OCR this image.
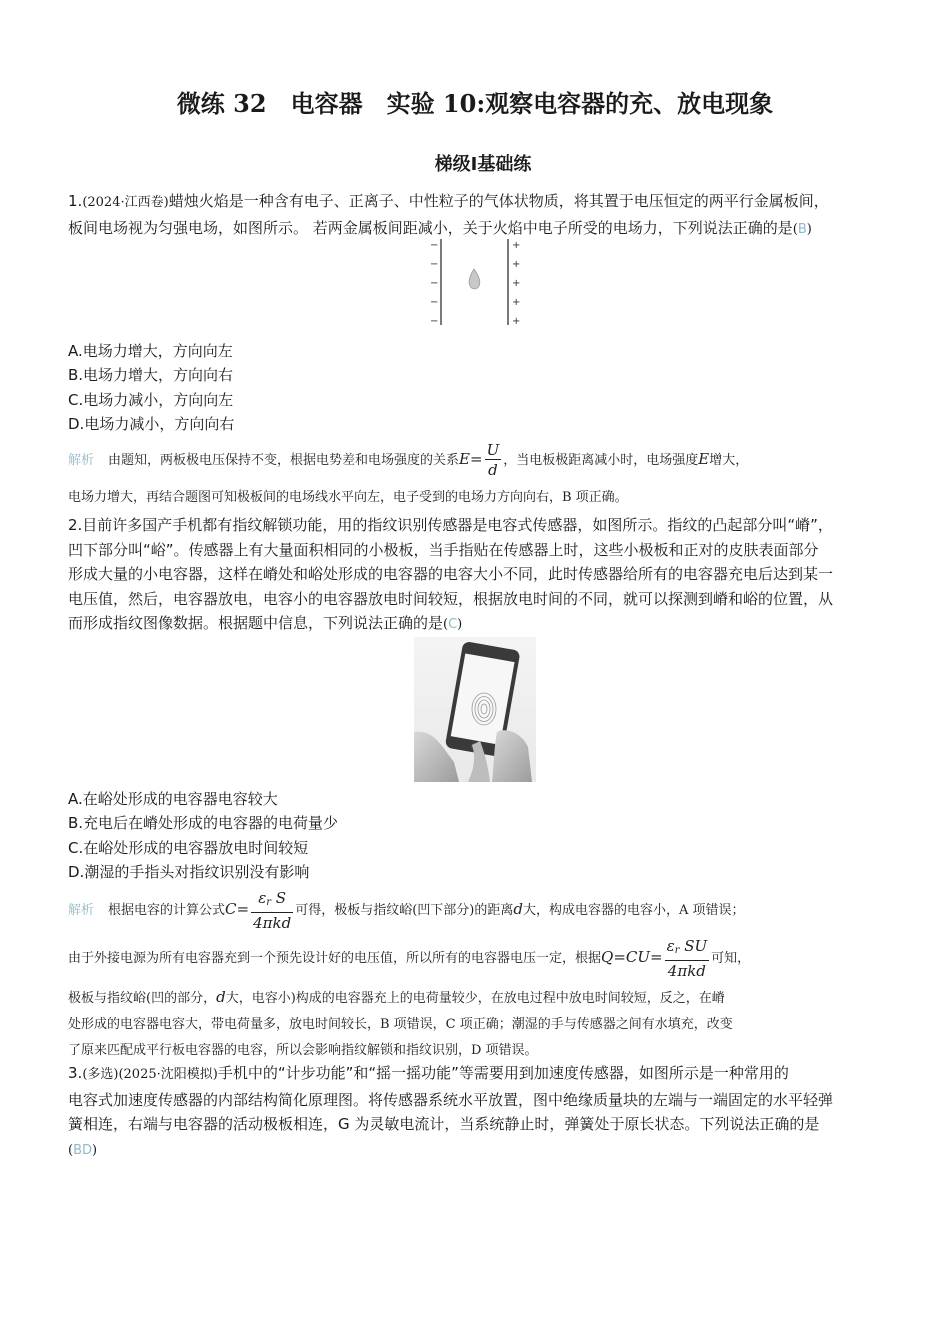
微练 32　电容器　实验 10:观察电容器的充、放电现象
梯级Ⅰ基础练
1.(2024·江西卷)蜡烛火焰是一种含有电子、正离子、中性粒子的气体状物质，将其置于电压恒定的两平行金属板间，
板间电场视为匀强电场，如图所示。 若两金属板间距减小，关于火焰中电子所受的电场力，下列说法正确的是(B)
−
−
−
−
−
+
+
+
+
+
A.电场力增大，方向向左
B.电场力增大，方向向右
C.电场力减小，方向向左
D.电场力减小，方向向右
解析 由题知，两板极电压保持不变，根据电势差和电场强度的关系$E= \frac{U}{d}$ ，当电板极距离减小时，电场强度E增大，
电场力增大，再结合题图可知极板间的电场线水平向左，电子受到的电场力方向向右，B 项正确。
2.目前许多国产手机都有指纹解锁功能，用的指纹识别传感器是电容式传感器，如图所示。指纹的凸起部分叫“嵴”，
凹下部分叫“峪”。传感器上有大量面积相同的小极板，当手指贴在传感器上时，这些小极板和正对的皮肤表面部分
形成大量的小电容器，这样在嵴处和峪处形成的电容器的电容大小不同，此时传感器给所有的电容器充电后达到某一
电压值，然后，电容器放电，电容小的电容器放电时间较短，根据放电时间的不同，就可以探测到嵴和峪的位置，从
而形成指纹图像数据。根据题中信息，下列说法正确的是(C)
A.在峪处形成的电容器电容较大
B.充电后在嵴处形成的电容器的电荷量少
C.在峪处形成的电容器放电时间较短
D.潮湿的手指头对指纹识别没有影响
解析 根据电容的计算公式$C= \frac{\varepsilon_r S}{\text{4πkd}}$ 可得，极板与指纹峪(凹下部分)的距离d大，构成电容器的电容小，A 项错误；
由于外接电源为所有电容器充到一个预先设计好的电压值，所以所有的电容器电压一定，根据$Q=CU= \frac{\varepsilon_r SU}{\text{4πkd}}$ 可知，
极板与指纹峪(凹的部分，d大，电容小)构成的电容器充上的电荷量较少，在放电过程中放电时间较短，反之，在嵴
处形成的电容器电容大，带电荷量多，放电时间较长，B 项错误，C 项正确；潮湿的手与传感器之间有水填充，改变
了原来匹配成平行板电容器的电容，所以会影响指纹解锁和指纹识别，D 项错误。
3.(多选)(2025·沈阳模拟)手机中的“计步功能”和“摇一摇功能”等需要用到加速度传感器，如图所示是一种常用的
电容式加速度传感器的内部结构简化原理图。将传感器系统水平放置，图中绝缘质量块的左端与一端固定的水平轻弹
簧相连，右端与电容器的活动极板相连，G 为灵敏电流计，当系统静止时，弹簧处于原长状态。下列说法正确的是
(BD)
